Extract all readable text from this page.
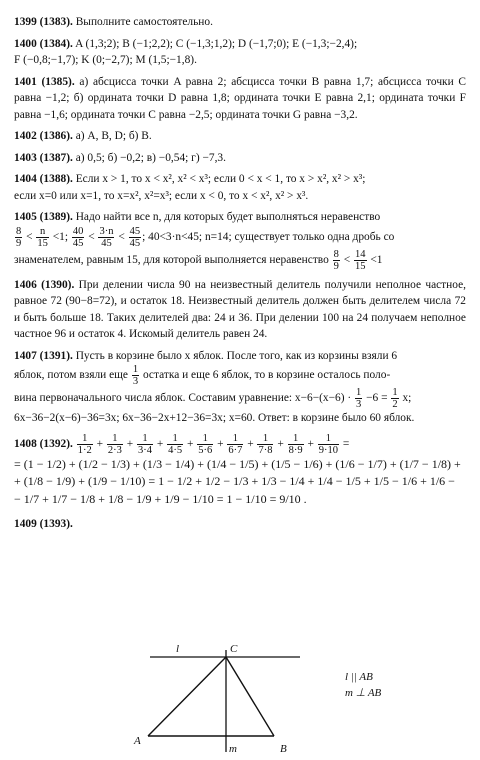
1399 (1383). Выполните самостоятельно.

1400 (1384). A (1,3;2); B (−1;2,2); C (−1,3;1,2); D (−1,7;0); E (−1,3;−2,4);
F (−0,8;−1,7); K (0;−2,7); M (1,5;−1,8).

1401 (1385). а) абсцисса точки A равна 2; абсцисса точки B равна 1,7; абсцисса точки C равна −1,2; б) ордината точки D равна 1,8; ордината точки E равна 2,1; ордината точки F равна −1,6; ордината точки C равна −2,5; ордината точки G равна −3,2.

1402 (1386). а) A, B, D; б) B.

1403 (1387). а) 0,5; б) −0,2; в) −0,54; г) −7,3.

1404 (1388). Если x > 1, то x < x², x² < x³; если 0 < x < 1, то x > x², x² > x³;
если x=0 или x=1, то x=x², x²=x³; если x < 0, то x < x², x² > x³.

1405 (1389). Надо найти все n, для которых будет выполняться неравенство

$\frac{8}{9} < \frac{n}{15} <1$; $\frac{40}{45} < \frac{3\cdot n}{45} < \frac{45}{45}$ ; 40<3·n<45; n=14; существует только одна дробь со
знаменателем, равным 15, для которой выполняется неравенство $\frac{8}{9} < \frac{14}{15} <1$

1406 (1390). При делении числа 90 на неизвестный делитель получили неполное частное, равное 72 (90−8=72), и остаток 18. Неизвестный делитель должен быть делителем числа 72 и быть больше 18. Таких делителей два: 24 и 36. При делении 100 на 24 получаем неполное частное 96 и остаток 4. Искомый делитель равен 24.

1407 (1391). Пусть в корзине было x яблок. После того, как из корзины взяли 6
яблок, потом взяли еще $\frac{1}{3}$ остатка и еще 6 яблок, то в корзине осталось поло-
вина первоначального числа яблок. Составим уравнение: $x-6-(x-6) \cdot \frac{1}{3} -6 = \frac{1}{2} x$;
6x−36−2(x−6)−36=3x; 6x−36−2x+12−36=3x; x=60. Ответ: в корзине было 60 яблок.

1408 (1392). $\frac{1}{1\cdot 2} + \frac{1}{2\cdot 3} + \frac{1}{3\cdot 4} + \frac{1}{4\cdot 5} + \frac{1}{5\cdot 6} + \frac{1}{6\cdot 7} + \frac{1}{7\cdot 8} + \frac{1}{8\cdot 9} + \frac{1}{9\cdot 10}$ =
= (1 − 1/2) + (1/2 − 1/3) + (1/3 − 1/4) + (1/4 − 1/5) + (1/5 − 1/6) + (1/6 − 1/7) + (1/7 − 1/8) +
+ (1/8 − 1/9) + (1/9 − 1/10) = 1 − 1/2 + 1/2 − 1/3 + 1/3 − 1/4 + 1/4 − 1/5 + 1/5 − 1/6 + 1/6 −
− 1/7 + 1/7 − 1/8 + 1/8 − 1/9 + 1/9 − 1/10 = 1 − 1/10 = 9/10 .

1409 (1393).

l	C
A
B
m
l || AB
m ⊥ AB
